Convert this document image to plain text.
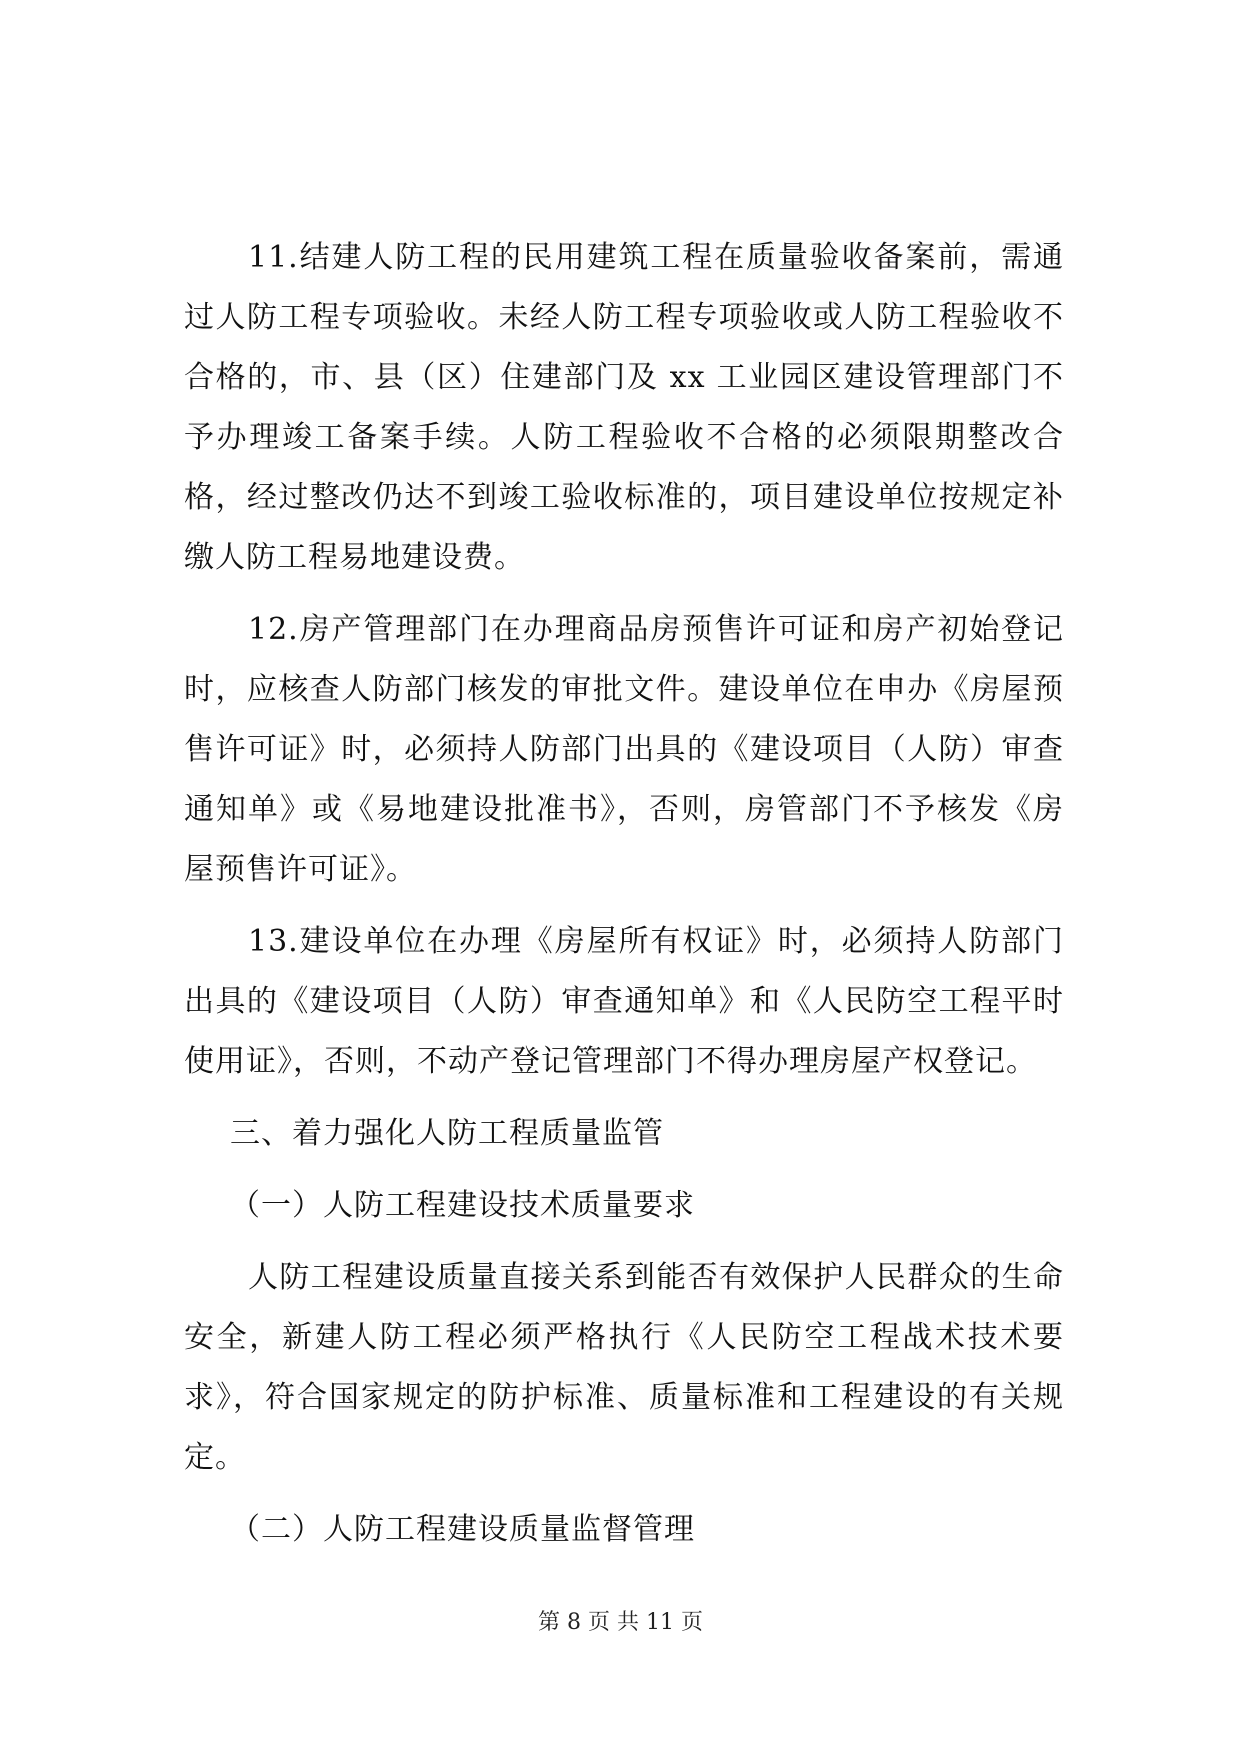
11.结建人防工程的民用建筑工程在质量验收备案前，需通过人防工程专项验收。未经人防工程专项验收或人防工程验收不合格的，市、县（区）住建部门及 xx 工业园区建设管理部门不予办理竣工备案手续。人防工程验收不合格的必须限期整改合格，经过整改仍达不到竣工验收标准的，项目建设单位按规定补缴人防工程易地建设费。

12.房产管理部门在办理商品房预售许可证和房产初始登记时，应核查人防部门核发的审批文件。建设单位在申办《房屋预售许可证》时，必须持人防部门出具的《建设项目（人防）审查通知单》或《易地建设批准书》，否则，房管部门不予核发《房屋预售许可证》。

13.建设单位在办理《房屋所有权证》时，必须持人防部门出具的《建设项目（人防）审查通知单》和《人民防空工程平时使用证》，否则，不动产登记管理部门不得办理房屋产权登记。

三、着力强化人防工程质量监管

（一）人防工程建设技术质量要求

人防工程建设质量直接关系到能否有效保护人民群众的生命安全，新建人防工程必须严格执行《人民防空工程战术技术要求》，符合国家规定的防护标准、质量标准和工程建设的有关规定。

（二）人防工程建设质量监督管理

第 8 页 共 11 页
